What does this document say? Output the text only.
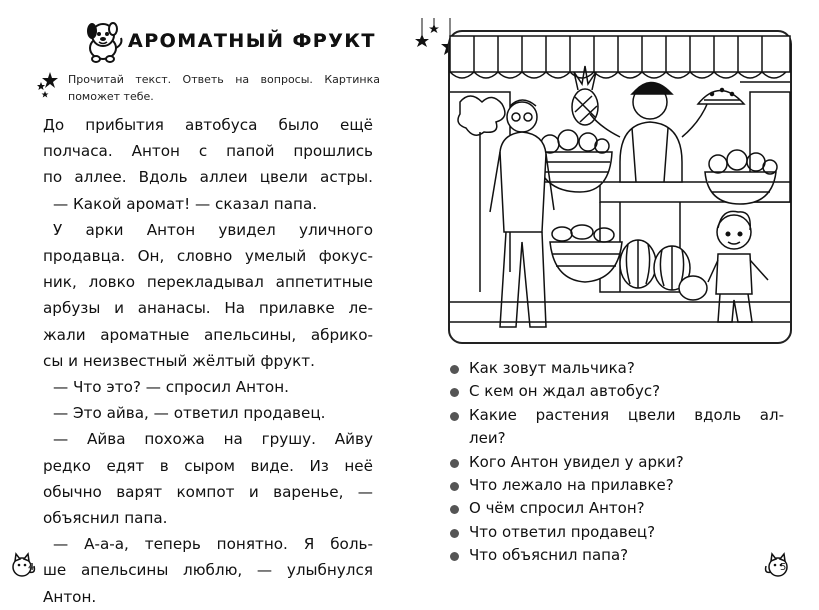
АРОМАТНЫЙ ФРУКТ
Прочитай текст. Ответь на вопросы. Картинка поможет тебе.

До прибытия автобуса было ещё

полчаса. Антон с папой прошлись

по аллее. Вдоль аллеи цвели астры.

— Какой аромат! — сказал папа.

У арки Антон увидел уличного

продавца. Он, словно умелый фокус-

ник, ловко перекладывал аппетитные

арбузы и ананасы. На прилавке ле-

жали ароматные апельсины, абрико-

сы и неизвестный жёлтый фрукт.

— Что это? — спросил Антон.

— Это айва, — ответил продавец.

— Айва похожа на грушу. Айву

редко едят в сыром виде. Из неё

обычно варят компот и варенье, —

объяснил папа.

— А-а-а, теперь понятно. Я боль-

ше апельсины люблю, — улыбнулся

Антон.

4
Как зовут мальчика?
С кем он ждал автобус?
Какие растения цвели вдоль ал-
леи?
Кого Антон увидел у арки?
Что лежало на прилавке?
О чём спросил Антон?
Что ответил продавец?
Что объяснил папа?
5
